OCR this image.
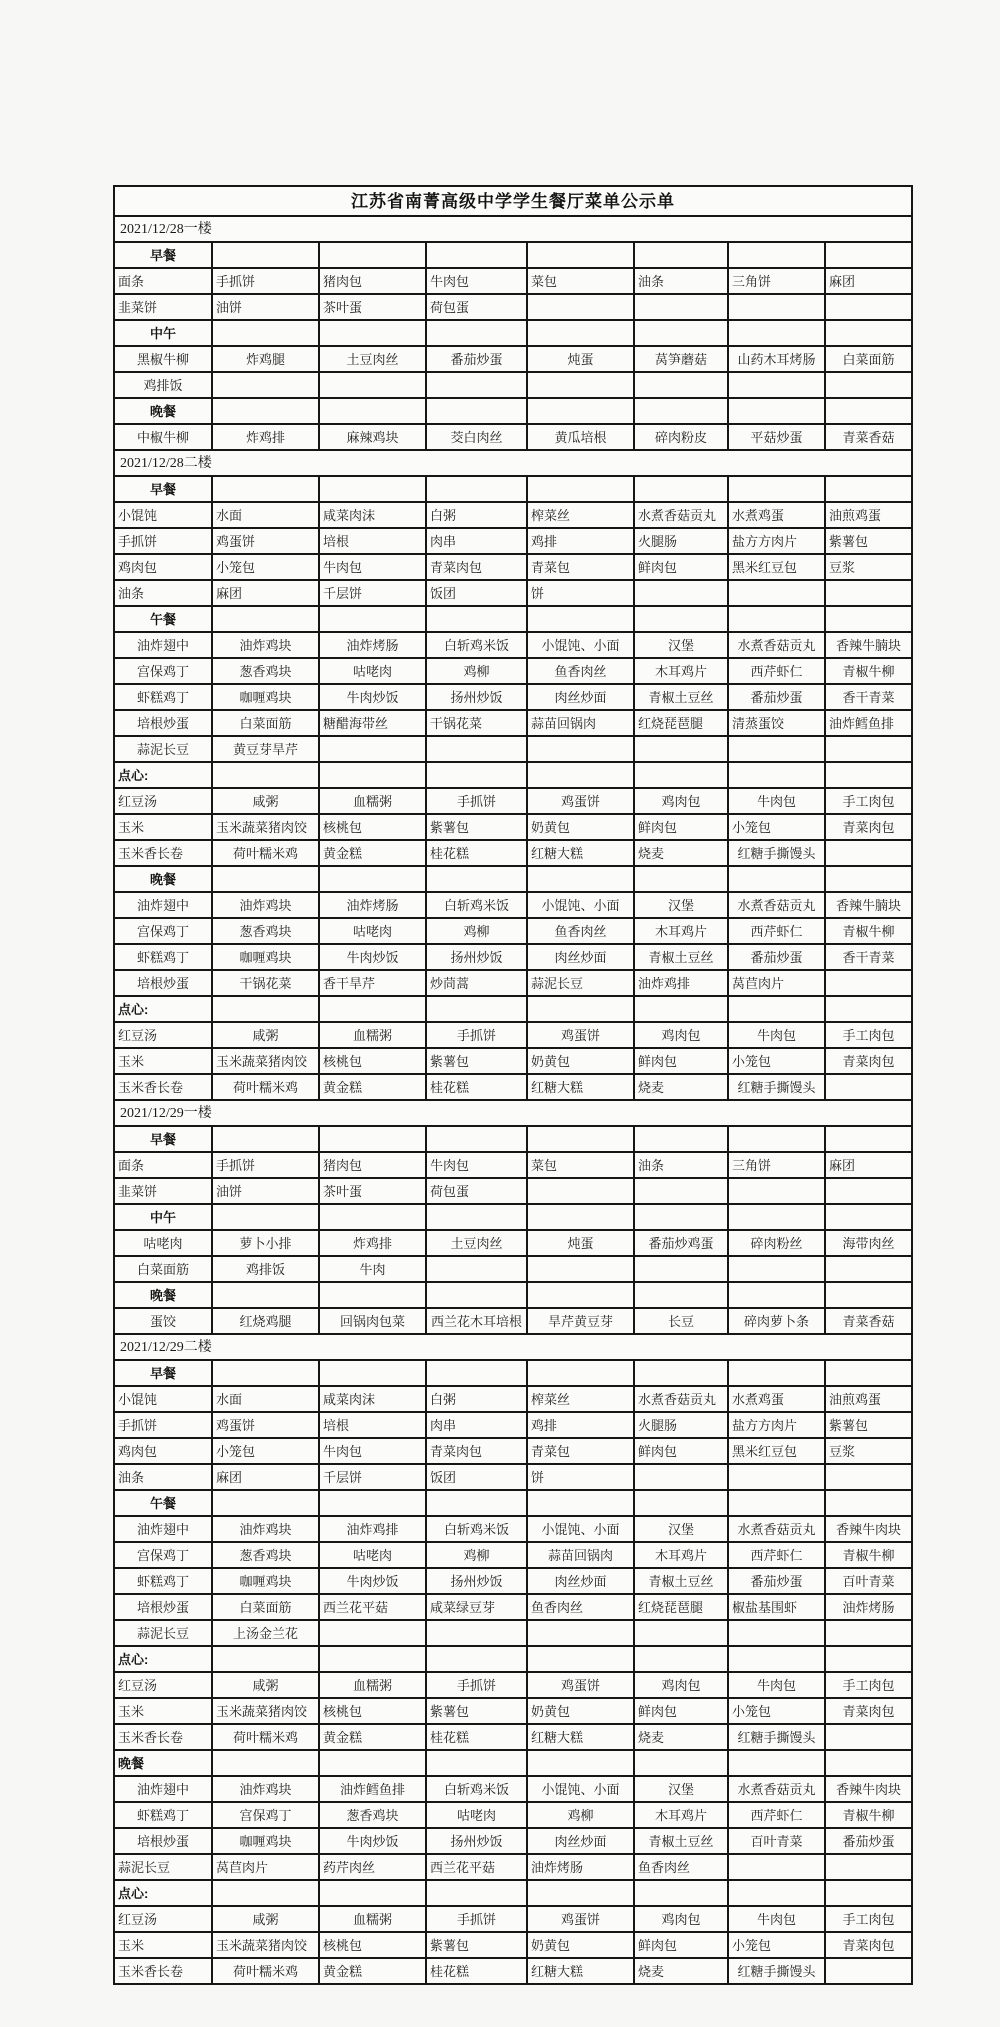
江苏省南菁高级中学学生餐厅菜单公示单							
2021/12/28一楼							
早餐							
面条	手抓饼	猪肉包	牛肉包	菜包	油条	三角饼	麻团
韭菜饼	油饼	茶叶蛋	荷包蛋				
中午							
黑椒牛柳	炸鸡腿	土豆肉丝	番茄炒蛋	炖蛋	莴笋蘑菇	山药木耳烤肠	白菜面筋
鸡排饭							
晚餐							
中椒牛柳	炸鸡排	麻辣鸡块	茭白肉丝	黄瓜培根	碎肉粉皮	平菇炒蛋	青菜香菇
2021/12/28二楼							
早餐							
小馄饨	水面	咸菜肉沫	白粥	榨菜丝	水煮香菇贡丸	水煮鸡蛋	油煎鸡蛋
手抓饼	鸡蛋饼	培根	肉串	鸡排	火腿肠	盐方方肉片	紫薯包
鸡肉包	小笼包	牛肉包	青菜肉包	青菜包	鲜肉包	黑米红豆包	豆浆
油条	麻团	千层饼	饭团	饼			
午餐							
油炸翅中	油炸鸡块	油炸烤肠	白斩鸡米饭	小馄饨、小面	汉堡	水煮香菇贡丸	香辣牛腩块
宫保鸡丁	葱香鸡块	咕咾肉	鸡柳	鱼香肉丝	木耳鸡片	西芹虾仁	青椒牛柳
虾糕鸡丁	咖喱鸡块	牛肉炒饭	扬州炒饭	肉丝炒面	青椒土豆丝	番茄炒蛋	香干青菜
培根炒蛋	白菜面筋	糖醋海带丝	干锅花菜	蒜苗回锅肉	红烧琵琶腿	清蒸蛋饺	油炸鳕鱼排
蒜泥长豆	黄豆芽旱芹						
点心:							
红豆汤	咸粥	血糯粥	手抓饼	鸡蛋饼	鸡肉包	牛肉包	手工肉包
玉米	玉米蔬菜猪肉饺	核桃包	紫薯包	奶黄包	鲜肉包	小笼包	青菜肉包
玉米香长卷	荷叶糯米鸡	黄金糕	桂花糕	红糖大糕	烧麦	红糖手撕馒头	
晚餐							
油炸翅中	油炸鸡块	油炸烤肠	白斩鸡米饭	小馄饨、小面	汉堡	水煮香菇贡丸	香辣牛腩块
宫保鸡丁	葱香鸡块	咕咾肉	鸡柳	鱼香肉丝	木耳鸡片	西芹虾仁	青椒牛柳
虾糕鸡丁	咖喱鸡块	牛肉炒饭	扬州炒饭	肉丝炒面	青椒土豆丝	番茄炒蛋	香干青菜
培根炒蛋	干锅花菜	香干旱芹	炒茼蒿	蒜泥长豆	油炸鸡排	莴苣肉片	
点心:							
红豆汤	咸粥	血糯粥	手抓饼	鸡蛋饼	鸡肉包	牛肉包	手工肉包
玉米	玉米蔬菜猪肉饺	核桃包	紫薯包	奶黄包	鲜肉包	小笼包	青菜肉包
玉米香长卷	荷叶糯米鸡	黄金糕	桂花糕	红糖大糕	烧麦	红糖手撕馒头	
2021/12/29一楼							
早餐							
面条	手抓饼	猪肉包	牛肉包	菜包	油条	三角饼	麻团
韭菜饼	油饼	茶叶蛋	荷包蛋				
中午							
咕咾肉	萝卜小排	炸鸡排	土豆肉丝	炖蛋	番茄炒鸡蛋	碎肉粉丝	海带肉丝
白菜面筋	鸡排饭	牛肉					
晚餐							
蛋饺	红烧鸡腿	回锅肉包菜	西兰花木耳培根	旱芹黄豆芽	长豆	碎肉萝卜条	青菜香菇
2021/12/29二楼							
早餐							
小馄饨	水面	咸菜肉沫	白粥	榨菜丝	水煮香菇贡丸	水煮鸡蛋	油煎鸡蛋
手抓饼	鸡蛋饼	培根	肉串	鸡排	火腿肠	盐方方肉片	紫薯包
鸡肉包	小笼包	牛肉包	青菜肉包	青菜包	鲜肉包	黑米红豆包	豆浆
油条	麻团	千层饼	饭团	饼			
午餐							
油炸翅中	油炸鸡块	油炸鸡排	白斩鸡米饭	小馄饨、小面	汉堡	水煮香菇贡丸	香辣牛肉块
宫保鸡丁	葱香鸡块	咕咾肉	鸡柳	蒜苗回锅肉	木耳鸡片	西芹虾仁	青椒牛柳
虾糕鸡丁	咖喱鸡块	牛肉炒饭	扬州炒饭	肉丝炒面	青椒土豆丝	番茄炒蛋	百叶青菜
培根炒蛋	白菜面筋	西兰花平菇	咸菜绿豆芽	鱼香肉丝	红烧琵琶腿	椒盐基围虾	油炸烤肠
蒜泥长豆	上汤金兰花						
点心:							
红豆汤	咸粥	血糯粥	手抓饼	鸡蛋饼	鸡肉包	牛肉包	手工肉包
玉米	玉米蔬菜猪肉饺	核桃包	紫薯包	奶黄包	鲜肉包	小笼包	青菜肉包
玉米香长卷	荷叶糯米鸡	黄金糕	桂花糕	红糖大糕	烧麦	红糖手撕馒头	
晚餐							
油炸翅中	油炸鸡块	油炸鳕鱼排	白斩鸡米饭	小馄饨、小面	汉堡	水煮香菇贡丸	香辣牛肉块
虾糕鸡丁	宫保鸡丁	葱香鸡块	咕咾肉	鸡柳	木耳鸡片	西芹虾仁	青椒牛柳
培根炒蛋	咖喱鸡块	牛肉炒饭	扬州炒饭	肉丝炒面	青椒土豆丝	百叶青菜	番茄炒蛋
蒜泥长豆	莴苣肉片	药芹肉丝	西兰花平菇	油炸烤肠	鱼香肉丝		
点心:							
红豆汤	咸粥	血糯粥	手抓饼	鸡蛋饼	鸡肉包	牛肉包	手工肉包
玉米	玉米蔬菜猪肉饺	核桃包	紫薯包	奶黄包	鲜肉包	小笼包	青菜肉包
玉米香长卷	荷叶糯米鸡	黄金糕	桂花糕	红糖大糕	烧麦	红糖手撕馒头	
